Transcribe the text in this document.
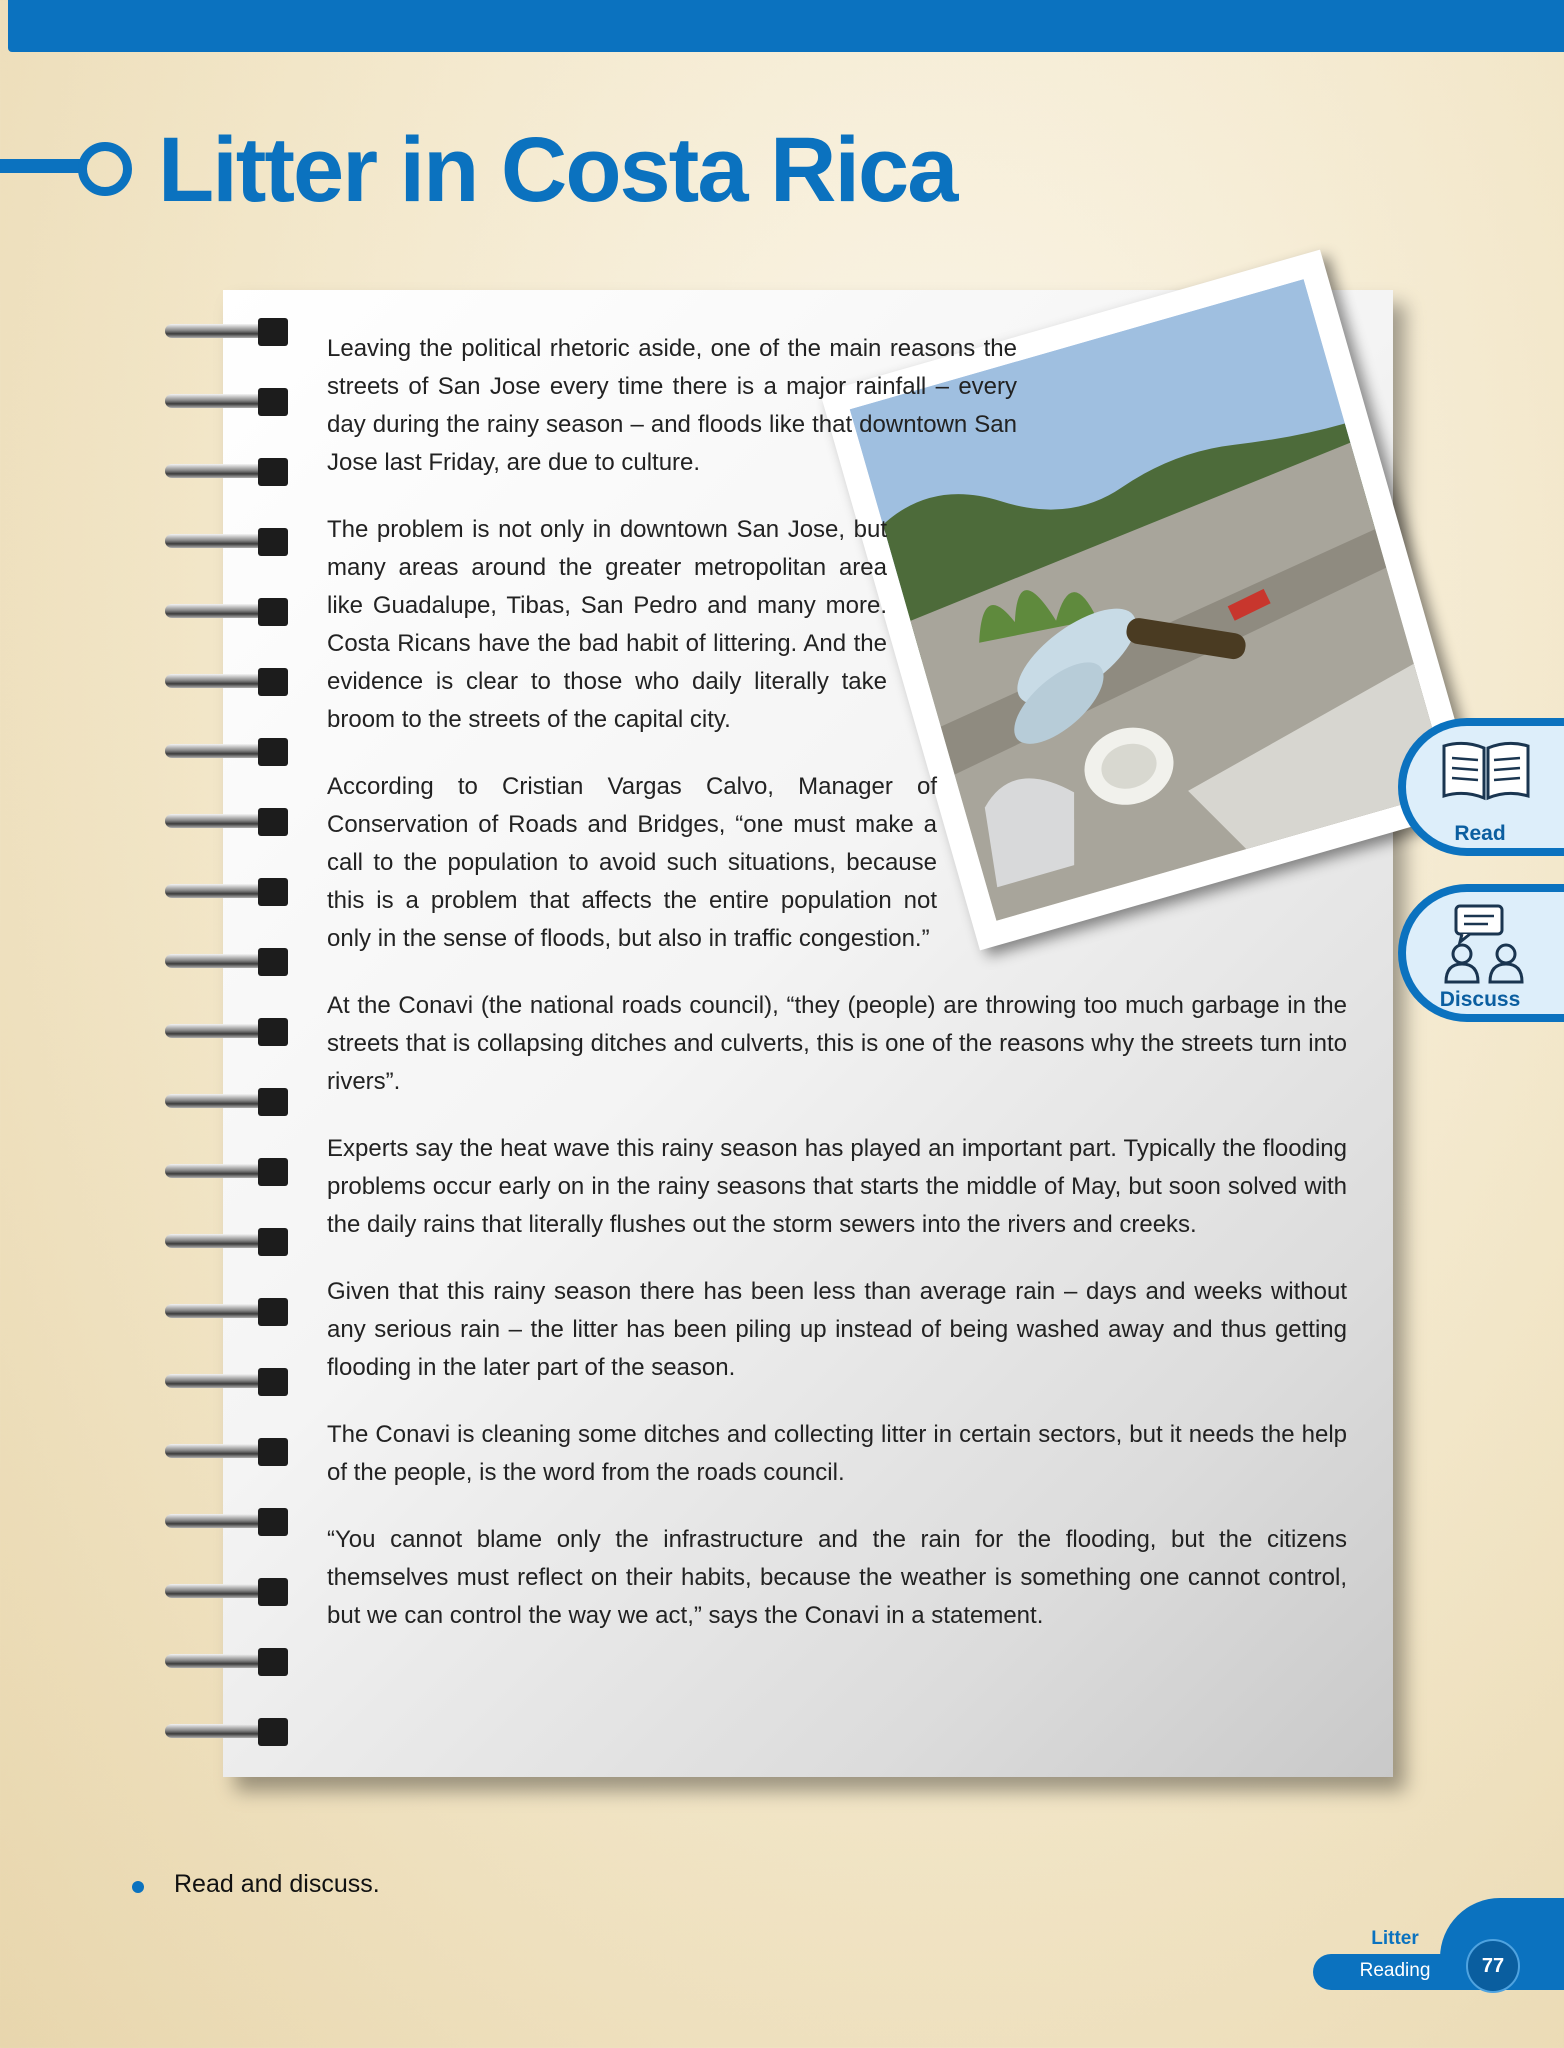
Litter in Costa Rica

Leaving the political rhetoric aside, one of the main reasons the streets of San Jose every time there is a major rainfall – every day during the rainy season – and floods like that downtown San Jose last Friday, are due to culture.

The problem is not only in downtown San Jose, but many areas around the greater metropolitan area like Guadalupe, Tibas, San Pedro and many more. Costa Ricans have the bad habit of littering. And the evidence is clear to those who daily literally take broom to the streets of the capital city.

According to Cristian Vargas Calvo, Manager of Conservation of Roads and Bridges, “one must make a call to the population to avoid such situations, because this is a problem that affects the entire population not only in the sense of floods, but also in traffic congestion.”

At the Conavi (the national roads council), “they (people) are throwing too much garbage in the streets that is collapsing ditches and culverts, this is one of the reasons why the streets turn into rivers”.

Experts say the heat wave this rainy season has played an important part. Typically the flooding problems occur early on in the rainy seasons that starts the middle of May, but soon solved with the daily rains that literally flushes out the storm sewers into the rivers and creeks.

Given that this rainy season there has been less than average rain – days and weeks without any serious rain – the litter has been piling up instead of being washed away and thus getting flooding in the later part of the season.

The Conavi is cleaning some ditches and collecting litter in certain sectors, but it needs the help of the people, is the word from the roads council.

“You cannot blame only the infrastructure and the rain for the flooding, but the citizens themselves must reflect on their habits, because the weather is something one cannot control, but we can control the way we act,” says the Conavi in a statement.

Read
Discuss
Read and discuss.
Litter
Reading	77
